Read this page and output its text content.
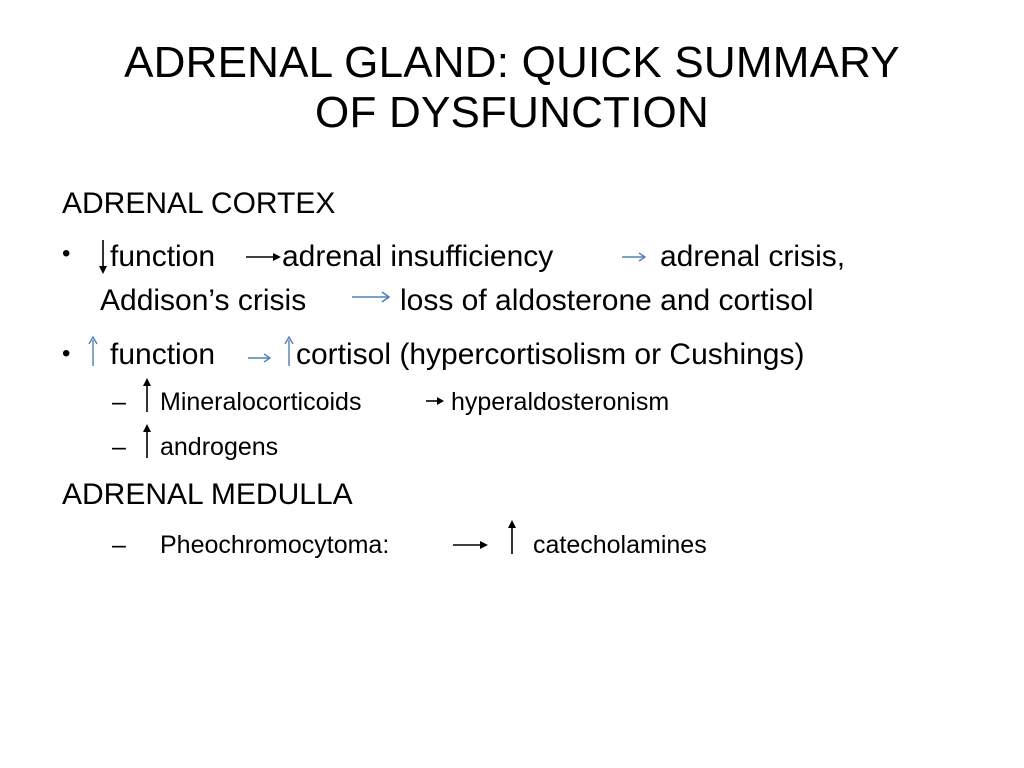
ADRENAL GLAND: QUICK SUMMARY
OF DYSFUNCTION
ADRENAL CORTEX
• function adrenal insufficiency	adrenal crisis,
Addison’s crisis	loss of aldosterone and cortisol
• function	cortisol (hypercortisolism or Cushings)
– Mineralocorticoids	hyperaldosteronism
– androgens
ADRENAL MEDULLA
– Pheochromocytoma:	catecholamines
